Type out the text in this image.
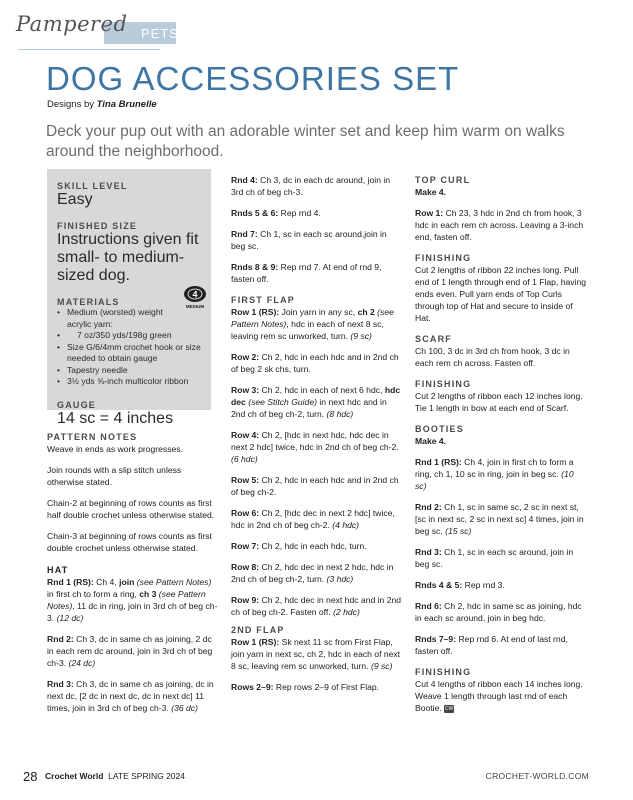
Pampered PETS
DOG ACCESSORIES SET
Designs by Tina Brunelle
Deck your pup out with an adorable winter set and keep him warm on walks around the neighborhood.
SKILL LEVEL

Easy

FINISHED SIZE

Instructions given fit small- to medium-sized dog.

MATERIALS
• Medium (worsted) weight acrylic yarn:
• 7 oz/350 yds/198g green
• Size G/6/4mm crochet hook or size needed to obtain gauge
• Tapestry needle
• 3½ yds ⅝-inch multicolor ribbon
GAUGE

14 sc = 4 inches

4
MEDIUM
PATTERN NOTES

Weave in ends as work progresses.

Join rounds with a slip stitch unless otherwise stated.

Chain-2 at beginning of rows counts as first half double crochet unless otherwise stated.

Chain-3 at beginning of rows counts as first double crochet unless otherwise stated.

HAT

Rnd 1 (RS): Ch 4, join (see Pattern Notes) in first ch to form a ring, ch 3 (see Pattern Notes), 11 dc in ring, join in 3rd ch of beg ch-3. (12 dc)

Rnd 2: Ch 3, dc in same ch as joining, 2 dc in each rem dc around, join in 3rd ch of beg ch-3. (24 dc)

Rnd 3: Ch 3, dc in same ch as joining, dc in next dc, [2 dc in next dc, dc in next dc] 11 times, join in 3rd ch of beg ch-3. (36 dc)

Rnd 4: Ch 3, dc in each dc around, join in 3rd ch of beg ch-3.

Rnds 5 & 6: Rep rnd 4.

Rnd 7: Ch 1, sc in each sc around,join in beg sc.

Rnds 8 & 9: Rep rnd 7. At end of rnd 9, fasten off.

FIRST FLAP

Row 1 (RS): Join yarn in any sc, ch 2 (see Pattern Notes), hdc in each of next 8 sc, leaving rem sc unworked, turn. (9 sc)

Row 2: Ch 2, hdc in each hdc and in 2nd ch of beg 2 sk chs, turn.

Row 3: Ch 2, hdc in each of next 6 hdc, hdc dec (see Stitch Guide) in next hdc and in 2nd ch of beg ch-2, turn. (8 hdc)

Row 4: Ch 2, [hdc in next hdc, hdc dec in next 2 hdc] twice, hdc in 2nd ch of beg ch-2. (6 hdc)

Row 5: Ch 2, hdc in each hdc and in 2nd ch of beg ch-2.

Row 6: Ch 2, [hdc dec in next 2 hdc] twice, hdc in 2nd ch of beg ch-2. (4 hdc)

Row 7: Ch 2, hdc in each hdc, turn.

Row 8: Ch 2, hdc dec in next 2 hdc, hdc in 2nd ch of beg ch-2, turn. (3 hdc)

Row 9: Ch 2, hdc dec in next hdc and in 2nd ch of beg ch-2. Fasten off. (2 hdc)

2ND FLAP

Row 1 (RS): Sk next 11 sc from First Flap, join yarn in next sc, ch 2, hdc in each of next 8 sc, leaving rem sc unworked, turn. (9 sc)

Rows 2–9: Rep rows 2–9 of First Flap.

TOP CURL

Make 4.

Row 1: Ch 23, 3 hdc in 2nd ch from hook, 3 hdc in each rem ch across. Leaving a 3-inch end, fasten off.

FINISHING

Cut 2 lengths of ribbon 22 inches long. Pull end of 1 length through end of 1 Flap, having ends even. Pull yarn ends of Top Curls through top of Hat and secure to inside of Hat.

SCARF

Ch 100, 3 dc in 3rd ch from hook, 3 dc in each rem ch across. Fasten off.

FINISHING

Cut 2 lengths of ribbon each 12 inches long. Tie 1 length in bow at each end of Scarf.

BOOTIES

Make 4.

Rnd 1 (RS): Ch 4, join in first ch to form a ring, ch 1, 10 sc in ring, join in beg sc. (10 sc)

Rnd 2: Ch 1, sc in same sc, 2 sc in next st, [sc in next sc, 2 sc in next sc] 4 times, join in beg sc. (15 sc)

Rnd 3: Ch 1, sc in each sc around, join in beg sc.

Rnds 4 & 5: Rep rnd 3.

Rnd 6: Ch 2, hdc in same sc as joining, hdc in each sc around, join in beg hdc.

Rnds 7–9: Rep rnd 6. At end of last rnd, fasten off.

FINISHING

Cut 4 lengths of ribbon each 14 inches long. Weave 1 length through last rnd of each Bootie. CW

28 Crochet World LATE SPRING 2024	CROCHET-WORLD.COM
